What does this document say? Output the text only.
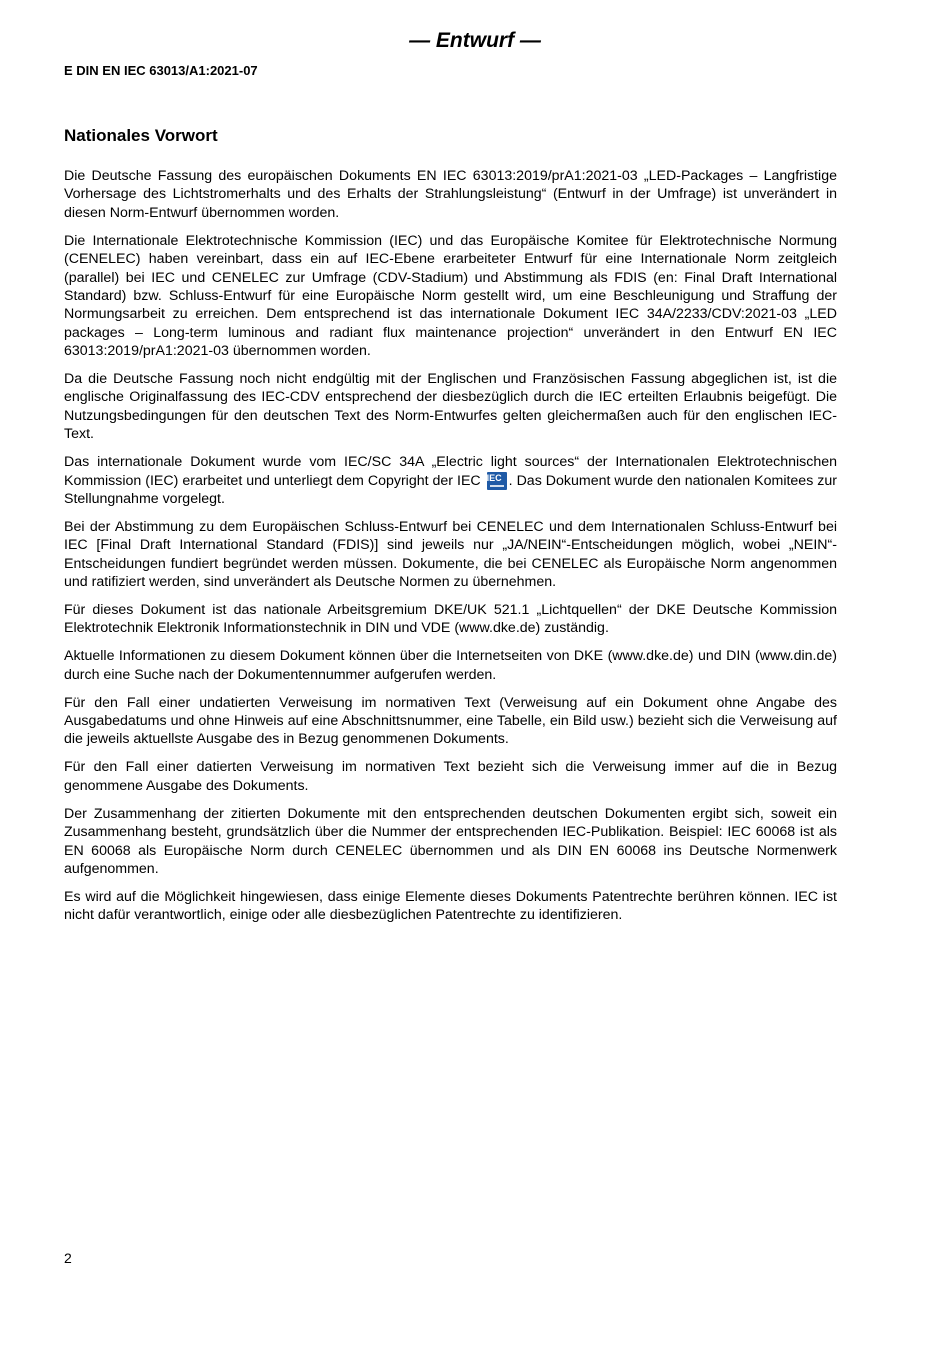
— Entwurf —
E DIN EN IEC 63013/A1:2021-07
Nationales Vorwort

Die Deutsche Fassung des europäischen Dokuments EN IEC 63013:2019/prA1:2021-03 „LED-Packages – Langfristige Vorhersage des Lichtstromerhalts und des Erhalts der Strahlungsleistung“ (Entwurf in der Umfrage) ist unverändert in diesen Norm-Entwurf übernommen worden.

Die Internationale Elektrotechnische Kommission (IEC) und das Europäische Komitee für Elektrotechnische Normung (CENELEC) haben vereinbart, dass ein auf IEC-Ebene erarbeiteter Entwurf für eine Internationale Norm zeitgleich (parallel) bei IEC und CENELEC zur Umfrage (CDV-Stadium) und Abstimmung als FDIS (en: Final Draft International Standard) bzw. Schluss-Entwurf für eine Europäische Norm gestellt wird, um eine Beschleunigung und Straffung der Normungsarbeit zu erreichen. Dem entsprechend ist das internationale Dokument IEC 34A/2233/CDV:2021-03 „LED packages – Long-term luminous and radiant flux maintenance projection“ unverändert in den Entwurf EN IEC 63013:2019/prA1:2021-03 übernommen worden.

Da die Deutsche Fassung noch nicht endgültig mit der Englischen und Französischen Fassung abgeglichen ist, ist die englische Originalfassung des IEC-CDV entsprechend der diesbezüglich durch die IEC erteilten Erlaubnis beigefügt. Die Nutzungsbedingungen für den deutschen Text des Norm-Entwurfes gelten gleichermaßen auch für den englischen IEC-Text.

Das internationale Dokument wurde vom IEC/SC 34A „Electric light sources“ der Internationalen Elektrotechnischen Kommission (IEC) erarbeitet und unterliegt dem Copyright der IEC IEC . Das Dokument wurde den nationalen Komitees zur Stellungnahme vorgelegt.

Bei der Abstimmung zu dem Europäischen Schluss-Entwurf bei CENELEC und dem Internationalen Schluss-Entwurf bei IEC [Final Draft International Standard (FDIS)] sind jeweils nur „JA/NEIN“-Entscheidungen möglich, wobei „NEIN“-Entscheidungen fundiert begründet werden müssen. Dokumente, die bei CENELEC als Europäische Norm angenommen und ratifiziert werden, sind unverändert als Deutsche Normen zu übernehmen.

Für dieses Dokument ist das nationale Arbeitsgremium DKE/UK 521.1 „Lichtquellen“ der DKE Deutsche Kommission Elektrotechnik Elektronik Informationstechnik in DIN und VDE (www.dke.de) zuständig.

Aktuelle Informationen zu diesem Dokument können über die Internetseiten von DKE (www.dke.de) und DIN (www.din.de) durch eine Suche nach der Dokumentennummer aufgerufen werden.

Für den Fall einer undatierten Verweisung im normativen Text (Verweisung auf ein Dokument ohne Angabe des Ausgabedatums und ohne Hinweis auf eine Abschnittsnummer, eine Tabelle, ein Bild usw.) bezieht sich die Verweisung auf die jeweils aktuellste Ausgabe des in Bezug genommenen Dokuments.

Für den Fall einer datierten Verweisung im normativen Text bezieht sich die Verweisung immer auf die in Bezug genommene Ausgabe des Dokuments.

Der Zusammenhang der zitierten Dokumente mit den entsprechenden deutschen Dokumenten ergibt sich, soweit ein Zusammenhang besteht, grundsätzlich über die Nummer der entsprechenden IEC-Publikation. Beispiel: IEC 60068 ist als EN 60068 als Europäische Norm durch CENELEC übernommen und als DIN EN 60068 ins Deutsche Normenwerk aufgenommen.

Es wird auf die Möglichkeit hingewiesen, dass einige Elemente dieses Dokuments Patentrechte berühren können. IEC ist nicht dafür verantwortlich, einige oder alle diesbezüglichen Patentrechte zu identifizieren.

2
